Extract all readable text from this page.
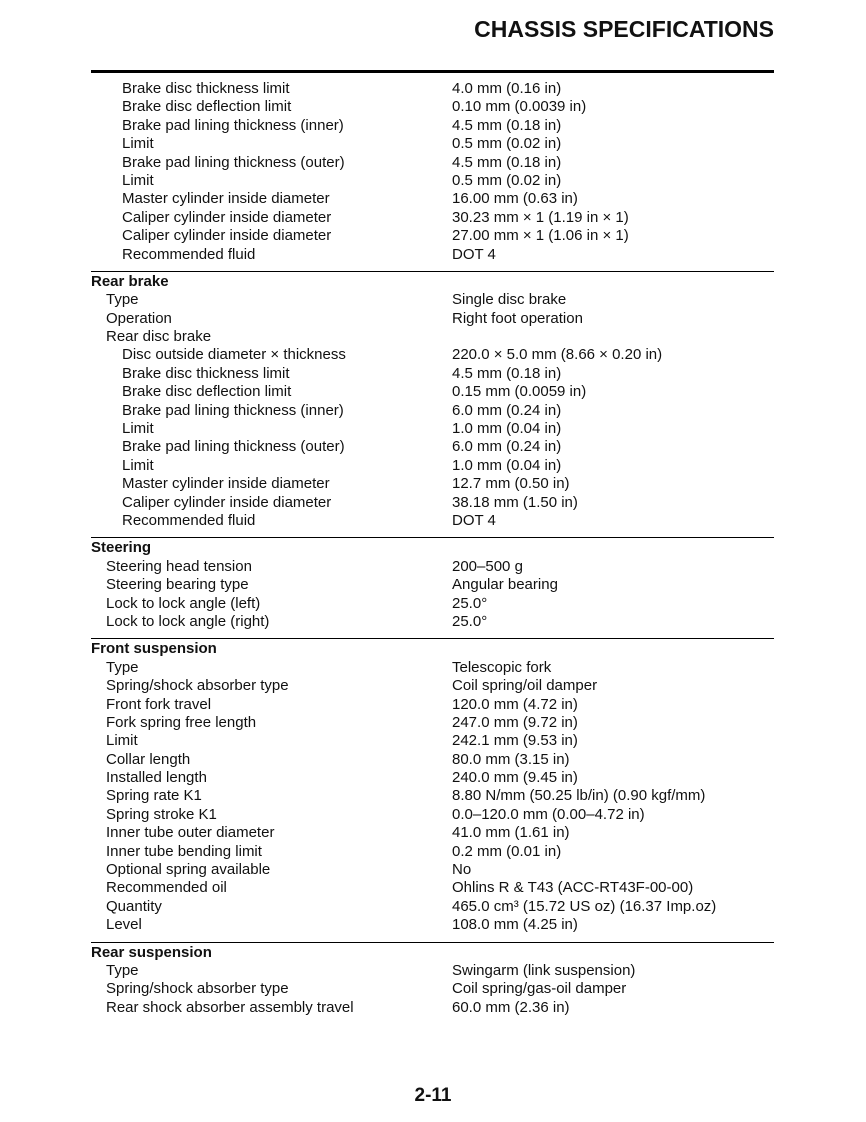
CHASSIS SPECIFICATIONS
Brake disc thickness limit	4.0 mm (0.16 in)
Brake disc deflection limit	0.10 mm (0.0039 in)
Brake pad lining thickness (inner)	4.5 mm (0.18 in)
Limit	0.5 mm (0.02 in)
Brake pad lining thickness (outer)	4.5 mm (0.18 in)
Limit	0.5 mm (0.02 in)
Master cylinder inside diameter	16.00 mm (0.63 in)
Caliper cylinder inside diameter	30.23 mm × 1 (1.19 in × 1)
Caliper cylinder inside diameter	27.00 mm × 1 (1.06 in × 1)
Recommended fluid	DOT 4
Rear brake
Type	Single disc brake
Operation	Right foot operation
Rear disc brake
Disc outside diameter × thickness	220.0 × 5.0 mm (8.66 × 0.20 in)
Brake disc thickness limit	4.5 mm (0.18 in)
Brake disc deflection limit	0.15 mm (0.0059 in)
Brake pad lining thickness (inner)	6.0 mm (0.24 in)
Limit	1.0 mm (0.04 in)
Brake pad lining thickness (outer)	6.0 mm (0.24 in)
Limit	1.0 mm (0.04 in)
Master cylinder inside diameter	12.7 mm (0.50 in)
Caliper cylinder inside diameter	38.18 mm (1.50 in)
Recommended fluid	DOT 4
Steering
Steering head tension	200–500 g
Steering bearing type	Angular bearing
Lock to lock angle (left)	25.0°
Lock to lock angle (right)	25.0°
Front suspension
Type	Telescopic fork
Spring/shock absorber type	Coil spring/oil damper
Front fork travel	120.0 mm (4.72 in)
Fork spring free length	247.0 mm (9.72 in)
Limit	242.1 mm (9.53 in)
Collar length	80.0 mm (3.15 in)
Installed length	240.0 mm (9.45 in)
Spring rate K1	8.80 N/mm (50.25 lb/in) (0.90 kgf/mm)
Spring stroke K1	0.0–120.0 mm (0.00–4.72 in)
Inner tube outer diameter	41.0 mm (1.61 in)
Inner tube bending limit	0.2 mm (0.01 in)
Optional spring available	No
Recommended oil	Ohlins R & T43 (ACC-RT43F-00-00)
Quantity	465.0 cm³ (15.72 US oz) (16.37 Imp.oz)
Level	108.0 mm (4.25 in)
Rear suspension
Type	Swingarm (link suspension)
Spring/shock absorber type	Coil spring/gas-oil damper
Rear shock absorber assembly travel	60.0 mm (2.36 in)
2-11
